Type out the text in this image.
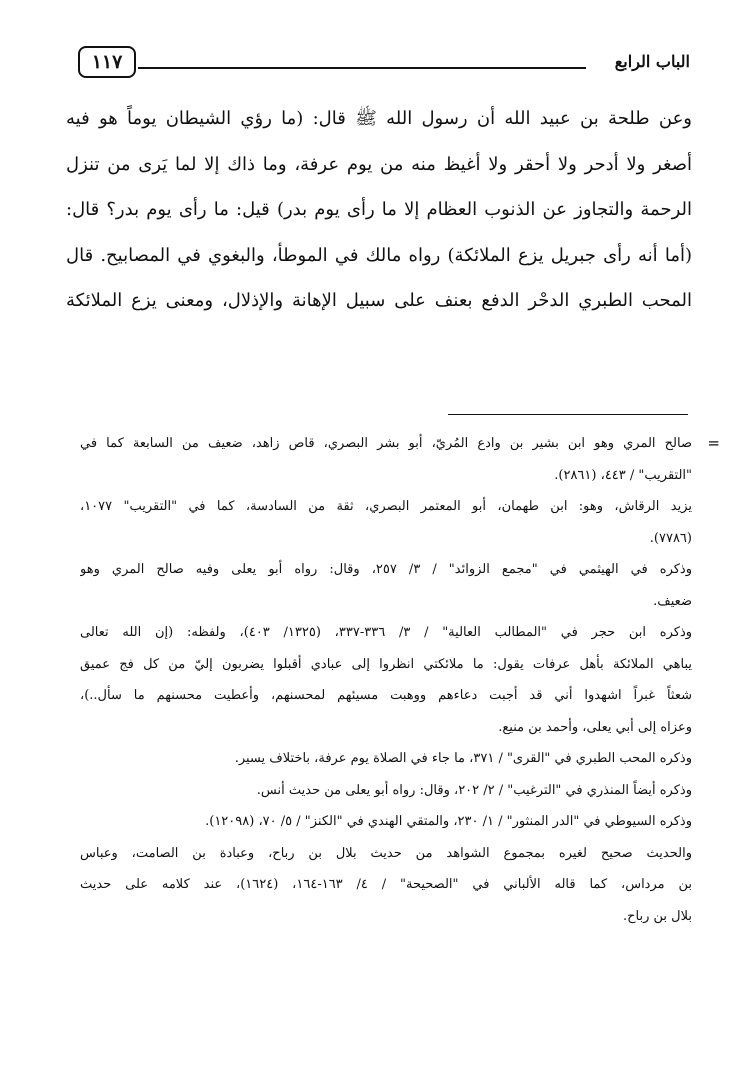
١١٧	الباب الرابع
وعن طلحة بن عبيد الله أن رسول الله ﷺ قال: (ما رؤي الشيطان يوماً هو فيه
أصغر ولا أدحر ولا أحقر ولا أغيظ منه من يوم عرفة، وما ذاك إلا لما يَرى من تنزل
الرحمة والتجاوز عن الذنوب العظام إلا ما رأى يوم بدر) قيل: ما رأى يوم بدر؟ قال:
(أما أنه رأى جبريل يزع الملائكة) رواه مالك في الموطأ، والبغوي في المصابيح. قال
المحب الطبري الدحْر الدفع بعنف على سبيل الإهانة والإذلال، ومعنى يزع الملائكة
=
صالح المري وهو ابن بشير بن وادع المُريّ، أبو بشر البصري، قاص زاهد، ضعيف من السابعة كما في
"التقريب" / ٤٤٣، (٢٨٦١).
يزيد الرقاش، وهو: ابن طهمان، أبو المعتمر البصري، ثقة من السادسة، كما في "التقريب" ١٠٧٧،
(٧٧٨٦).
وذكره في الهيثمي في "مجمع الزوائد" / ٣/ ٢٥٧، وقال: رواه أبو يعلى وفيه صالح المري وهو
ضعيف.
وذكره ابن حجر في "المطالب العالية" / ٣/ ٣٣٦-٣٣٧، (١٣٢٥/ ٤٠٣)، ولفظه: (إن الله تعالى
يباهي الملائكة بأهل عرفات يقول: ما ملائكتي انظروا إلى عبادي أقبلوا يضربون إليّ من كل فج عميق
شعثاً غبراً اشهدوا أني قد أجبت دعاءهم ووهبت مسيئهم لمحسنهم، وأعطيت محسنهم ما سأل..)،
وعزاه إلى أبي يعلى، وأحمد بن منيع.
وذكره المحب الطبري في "القرى" / ٣٧١، ما جاء في الصلاة يوم عرفة، باختلاف يسير.
وذكره أيضاً المنذري في "الترغيب" / ٢/ ٢٠٢، وقال: رواه أبو يعلى من حديث أنس.
وذكره السيوطي في "الدر المنثور" / ١/ ٢٣٠، والمتقي الهندي في "الكنز" / ٥/ ٧٠، (١٢٠٩٨).
والحديث صحيح لغيره بمجموع الشواهد من حديث بلال بن رباح، وعبادة بن الصامت، وعباس
بن مرداس، كما قاله الألباني في "الصحيحة" / ٤/ ١٦٣-١٦٤، (١٦٢٤)، عند كلامه على حديث
بلال بن رباح.
